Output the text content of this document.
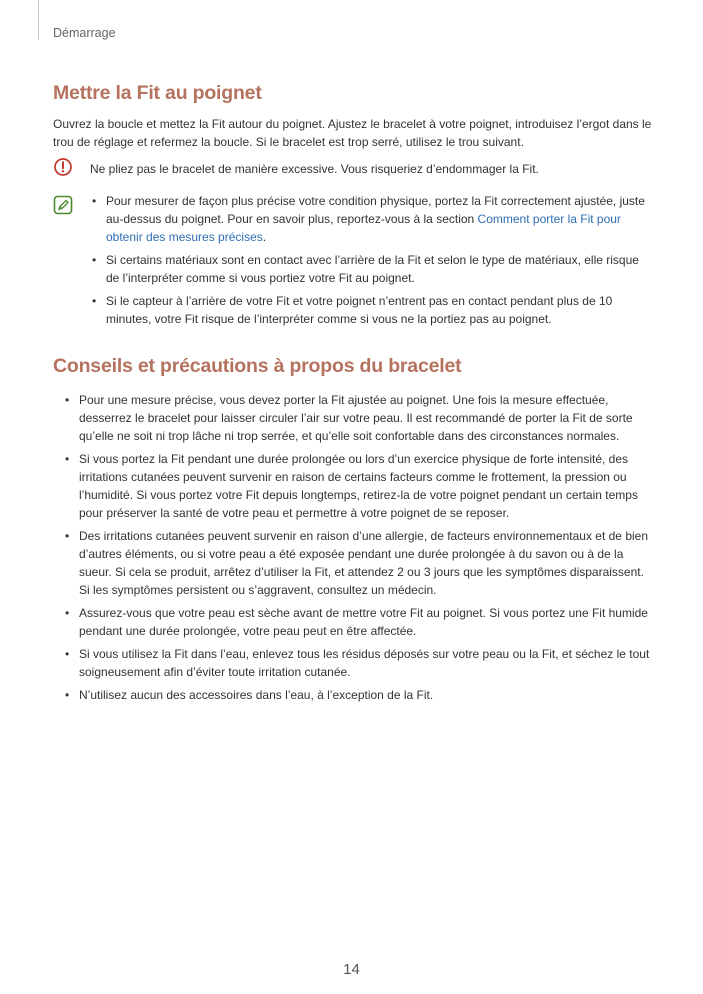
Démarrage
Mettre la Fit au poignet

Ouvrez la boucle et mettez la Fit autour du poignet. Ajustez le bracelet à votre poignet, introduisez l’ergot dans le trou de réglage et refermez la boucle. Si le bracelet est trop serré, utilisez le trou suivant.

Ne pliez pas le bracelet de manière excessive. Vous risqueriez d’endommager la Fit.

• Pour mesurer de façon plus précise votre condition physique, portez la Fit correctement ajustée, juste au-dessus du poignet. Pour en savoir plus, reportez-vous à la section Comment porter la Fit pour obtenir des mesures précises.
• Si certains matériaux sont en contact avec l’arrière de la Fit et selon le type de matériaux, elle risque de l’interpréter comme si vous portiez votre Fit au poignet.
• Si le capteur à l’arrière de votre Fit et votre poignet n’entrent pas en contact pendant plus de 10 minutes, votre Fit risque de l’interpréter comme si vous ne la portiez pas au poignet.
Conseils et précautions à propos du bracelet
• Pour une mesure précise, vous devez porter la Fit ajustée au poignet. Une fois la mesure effectuée, desserrez le bracelet pour laisser circuler l’air sur votre peau. Il est recommandé de porter la Fit de sorte qu’elle ne soit ni trop lâche ni trop serrée, et qu’elle soit confortable dans des circonstances normales.
• Si vous portez la Fit pendant une durée prolongée ou lors d’un exercice physique de forte intensité, des irritations cutanées peuvent survenir en raison de certains facteurs comme le frottement, la pression ou l’humidité. Si vous portez votre Fit depuis longtemps, retirez-la de votre poignet pendant un certain temps pour préserver la santé de votre peau et permettre à votre poignet de se reposer.
• Des irritations cutanées peuvent survenir en raison d’une allergie, de facteurs environnementaux et de bien d’autres éléments, ou si votre peau a été exposée pendant une durée prolongée à du savon ou à de la sueur. Si cela se produit, arrêtez d’utiliser la Fit, et attendez 2 ou 3 jours que les symptômes disparaissent. Si les symptômes persistent ou s’aggravent, consultez un médecin.
• Assurez-vous que votre peau est sèche avant de mettre votre Fit au poignet. Si vous portez une Fit humide pendant une durée prolongée, votre peau peut en être affectée.
• Si vous utilisez la Fit dans l’eau, enlevez tous les résidus déposés sur votre peau ou la Fit, et séchez le tout soigneusement afin d’éviter toute irritation cutanée.
• N’utilisez aucun des accessoires dans l’eau, à l’exception de la Fit.
14
